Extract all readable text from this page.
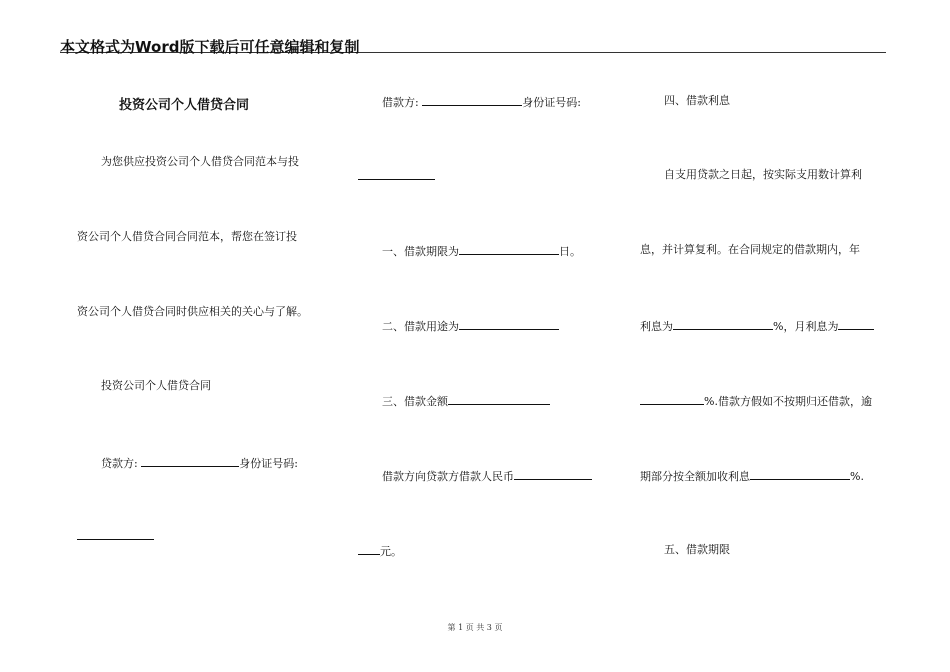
本文格式为Word版下载后可任意编辑和复制
投资公司个人借贷合同
为您供应投资公司个人借贷合同范本与投
资公司个人借贷合同合同范本，帮您在签订投
资公司个人借贷合同时供应相关的关心与了解。
投资公司个人借贷合同
贷款方:	身份证号码:
借款方:	身份证号码:
一、借款期限为	日。
二、借款用途为
三、借款金额
借款方向贷款方借款人民币
元。
四、借款利息
自支用贷款之日起，按实际支用数计算利
息，并计算复利。在合同规定的借款期内，年
利息为	%，月利息为
%.借款方假如不按期归还借款，逾
期部分按全额加收利息	%.
五、借款期限
第 1 页 共 3 页
